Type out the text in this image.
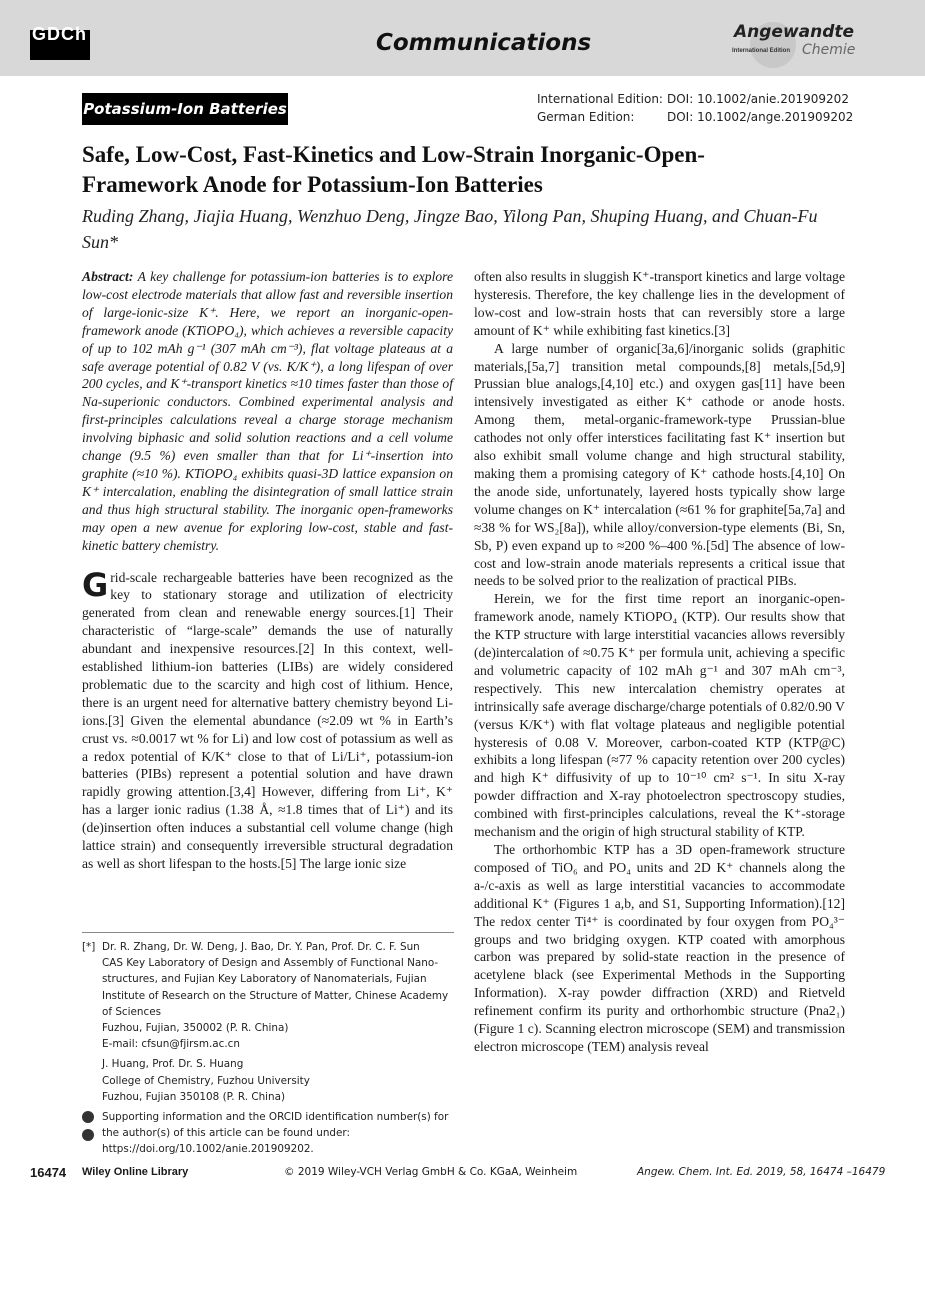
GDCh	Communications	Angewandte
International Edition Chemie
Potassium-Ion Batteries
International Edition: DOI: 10.1002/anie.201909202
German Edition:	DOI: 10.1002/ange.201909202
Safe, Low-Cost, Fast-Kinetics and Low-Strain Inorganic-Open-Framework Anode for Potassium-Ion Batteries
Ruding Zhang, Jiajia Huang, Wenzhuo Deng, Jingze Bao, Yilong Pan, Shuping Huang, and Chuan-Fu Sun*

Abstract: A key challenge for potassium-ion batteries is to explore low-cost electrode materials that allow fast and reversible insertion of large-ionic-size K⁺. Here, we report an inorganic-open-framework anode (KTiOPO₄), which achieves a reversible capacity of up to 102 mAh g⁻¹ (307 mAh cm⁻³), flat voltage plateaus at a safe average potential of 0.82 V (vs. K/K⁺), a long lifespan of over 200 cycles, and K⁺-transport kinetics ≈10 times faster than those of Na-superionic conductors. Combined experimental analysis and first-principles calculations reveal a charge storage mechanism involving biphasic and solid solution reactions and a cell volume change (9.5 %) even smaller than that for Li⁺-insertion into graphite (≈10 %). KTiOPO₄ exhibits quasi-3D lattice expansion on K⁺ intercalation, enabling the disintegration of small lattice strain and thus high structural stability. The inorganic open-frameworks may open a new avenue for exploring low-cost, stable and fast-kinetic battery chemistry.

Grid-scale rechargeable batteries have been recognized as the key to stationary storage and utilization of electricity generated from clean and renewable energy sources.[1] Their characteristic of “large-scale” demands the use of naturally abundant and inexpensive resources.[2] In this context, well-established lithium-ion batteries (LIBs) are widely considered problematic due to the scarcity and high cost of lithium. Hence, there is an urgent need for alternative battery chemistry beyond Li-ions.[3] Given the elemental abundance (≈2.09 wt % in Earth’s crust vs. ≈0.0017 wt % for Li) and low cost of potassium as well as a redox potential of K/K⁺ close to that of Li/Li⁺, potassium-ion batteries (PIBs) represent a potential solution and have drawn rapidly growing attention.[3,4] However, differing from Li⁺, K⁺ has a larger ionic radius (1.38 Å, ≈1.8 times that of Li⁺) and its (de)insertion often induces a substantial cell volume change (high lattice strain) and consequently irreversible structural degradation as well as short lifespan to the hosts.[5] The large ionic size

often also results in sluggish K⁺-transport kinetics and large voltage hysteresis. Therefore, the key challenge lies in the development of low-cost and low-strain hosts that can reversibly store a large amount of K⁺ while exhibiting fast kinetics.[3]

A large number of organic[3a,6]/inorganic solids (graphitic materials,[5a,7] transition metal compounds,[8] metals,[5d,9] Prussian blue analogs,[4,10] etc.) and oxygen gas[11] have been intensively investigated as either K⁺ cathode or anode hosts. Among them, metal-organic-framework-type Prussian-blue cathodes not only offer interstices facilitating fast K⁺ insertion but also exhibit small volume change and high structural stability, making them a promising category of K⁺ cathode hosts.[4,10] On the anode side, unfortunately, layered hosts typically show large volume changes on K⁺ intercalation (≈61 % for graphite[5a,7a] and ≈38 % for WS₂[8a]), while alloy/conversion-type elements (Bi, Sn, Sb, P) even expand up to ≈200 %–400 %.[5d] The absence of low-cost and low-strain anode materials represents a critical issue that needs to be solved prior to the realization of practical PIBs.

Herein, we for the first time report an inorganic-open-framework anode, namely KTiOPO₄ (KTP). Our results show that the KTP structure with large interstitial vacancies allows reversibly (de)intercalation of ≈0.75 K⁺ per formula unit, achieving a specific and volumetric capacity of 102 mAh g⁻¹ and 307 mAh cm⁻³, respectively. This new intercalation chemistry operates at intrinsically safe average discharge/charge potentials of 0.82/0.90 V (versus K/K⁺) with flat voltage plateaus and negligible potential hysteresis of 0.08 V. Moreover, carbon-coated KTP (KTP@C) exhibits a long lifespan (≈77 % capacity retention over 200 cycles) and high K⁺ diffusivity of up to 10⁻¹⁰ cm² s⁻¹. In situ X-ray powder diffraction and X-ray photoelectron spectroscopy studies, combined with first-principles calculations, reveal the K⁺-storage mechanism and the origin of high structural stability of KTP.

The orthorhombic KTP has a 3D open-framework structure composed of TiO₆ and PO₄ units and 2D K⁺ channels along the a-/c-axis as well as large interstitial vacancies to accommodate additional K⁺ (Figures 1 a,b, and S1, Supporting Information).[12] The redox center Ti⁴⁺ is coordinated by four oxygen from PO₄³⁻ groups and two bridging oxygen. KTP coated with amorphous carbon was prepared by solid-state reaction in the presence of acetylene black (see Experimental Methods in the Supporting Information). X-ray powder diffraction (XRD) and Rietveld refinement confirm its purity and orthorhombic structure (Pna2₁) (Figure 1 c). Scanning electron microscope (SEM) and transmission electron microscope (TEM) analysis reveal

[*] Dr. R. Zhang, Dr. W. Deng, J. Bao, Dr. Y. Pan, Prof. Dr. C. F. Sun
CAS Key Laboratory of Design and Assembly of Functional Nano-structures, and Fujian Key Laboratory of Nanomaterials, Fujian Institute of Research on the Structure of Matter, Chinese Academy of Sciences
Fuzhou, Fujian, 350002 (P. R. China)
E-mail: cfsun@fjirsm.ac.cn
J. Huang, Prof. Dr. S. Huang
College of Chemistry, Fuzhou University
Fuzhou, Fujian 350108 (P. R. China)
Supporting information and the ORCID identification number(s) for the author(s) of this article can be found under: https://doi.org/10.1002/anie.201909202.
16474 Wiley Online Library	© 2019 Wiley-VCH Verlag GmbH & Co. KGaA, Weinheim	Angew. Chem. Int. Ed. 2019, 58, 16474 –16479
